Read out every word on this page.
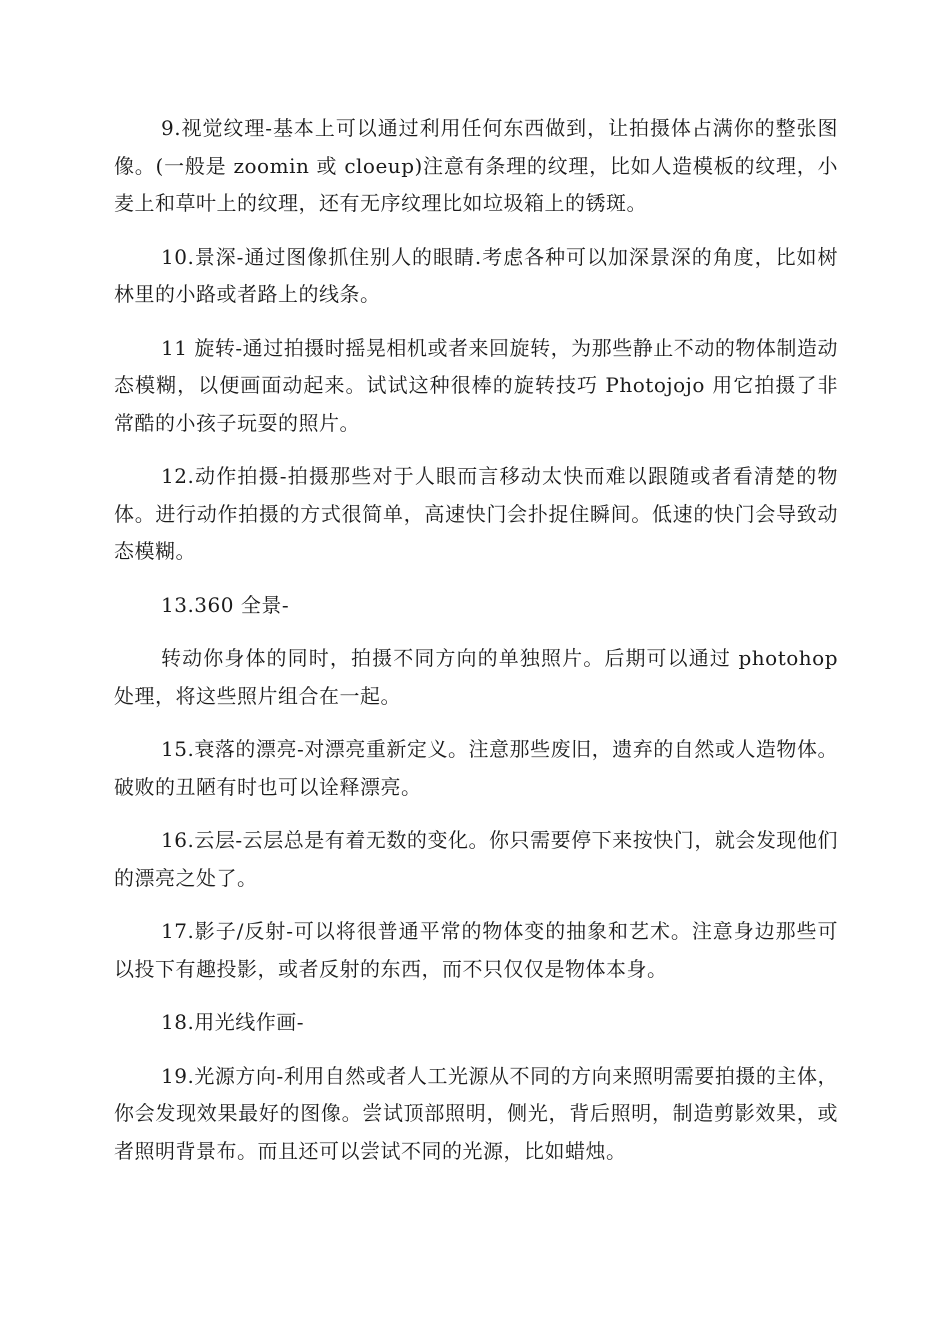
9.视觉纹理-基本上可以通过利用任何东西做到，让拍摄体占满你的整张图像。(一般是 zoomin 或 cloeup)注意有条理的纹理，比如人造模板的纹理，小麦上和草叶上的纹理，还有无序纹理比如垃圾箱上的锈斑。

10.景深-通过图像抓住别人的眼睛.考虑各种可以加深景深的角度，比如树林里的小路或者路上的线条。

11 旋转-通过拍摄时摇晃相机或者来回旋转，为那些静止不动的物体制造动态模糊，以便画面动起来。试试这种很棒的旋转技巧 Photojojo 用它拍摄了非常酷的小孩子玩耍的照片。

12.动作拍摄-拍摄那些对于人眼而言移动太快而难以跟随或者看清楚的物体。进行动作拍摄的方式很简单，高速快门会扑捉住瞬间。低速的快门会导致动态模糊。

13.360 全景-

转动你身体的同时，拍摄不同方向的单独照片。后期可以通过 photohop 处理，将这些照片组合在一起。

15.衰落的漂亮-对漂亮重新定义。注意那些废旧，遗弃的自然或人造物体。破败的丑陋有时也可以诠释漂亮。

16.云层-云层总是有着无数的变化。你只需要停下来按快门，就会发现他们的漂亮之处了。

17.影子/反射-可以将很普通平常的物体变的抽象和艺术。注意身边那些可以投下有趣投影，或者反射的东西，而不只仅仅是物体本身。

18.用光线作画-

19.光源方向-利用自然或者人工光源从不同的方向来照明需要拍摄的主体，你会发现效果最好的图像。尝试顶部照明，侧光，背后照明，制造剪影效果，或者照明背景布。而且还可以尝试不同的光源，比如蜡烛。
